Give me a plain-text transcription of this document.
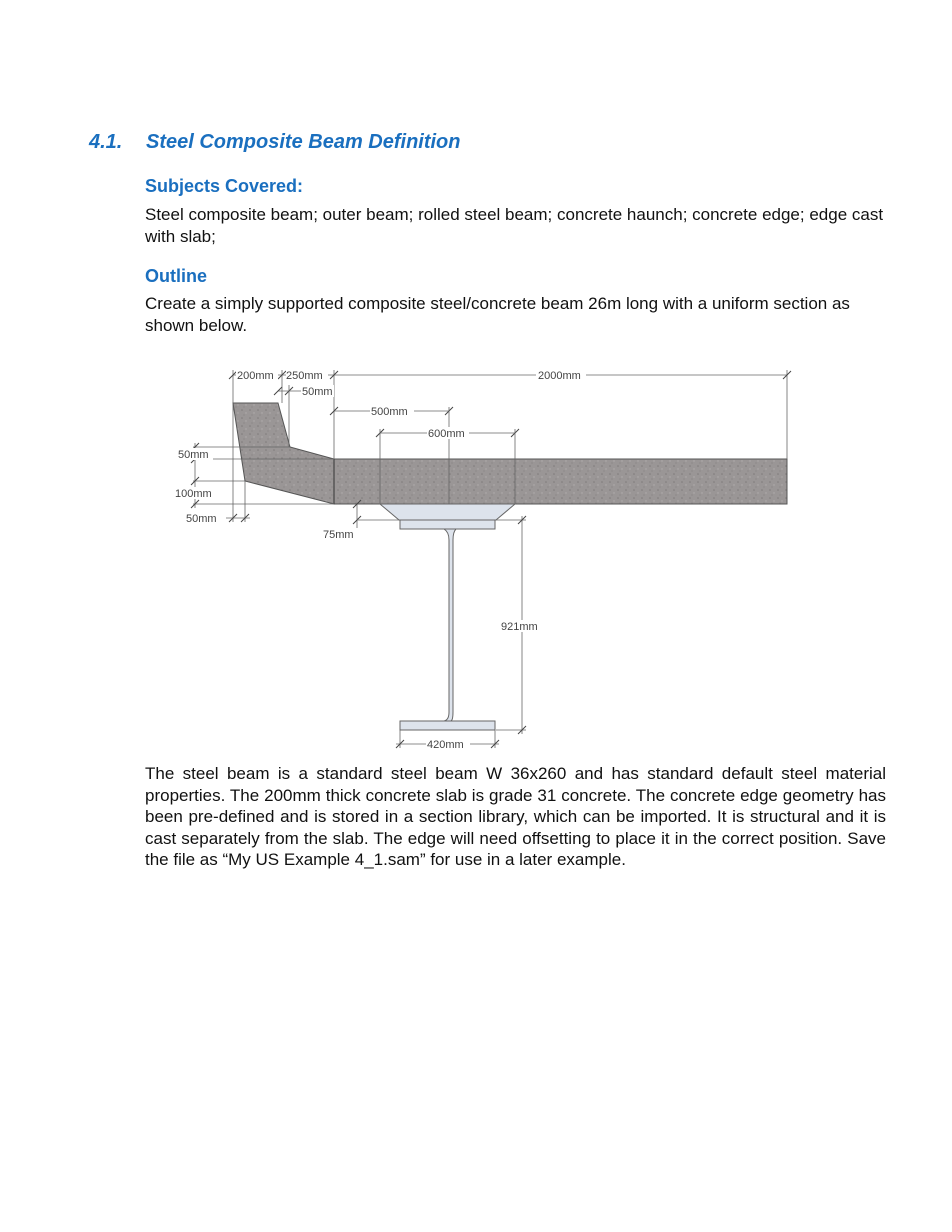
4.1. Steel Composite Beam Definition
Subjects Covered:
Steel composite beam; outer beam; rolled steel beam; concrete haunch; concrete edge; edge cast with slab;
Outline
Create a simply supported composite steel/concrete beam 26m long with a uniform section as shown below.
200mm 250mm
50mm
2000mm
500mm
600mm
50mm
100mm
50mm
75mm
921mm
420mm
The steel beam is a standard steel beam W 36x260 and has standard default steel material properties. The 200mm thick concrete slab is grade 31 concrete. The concrete edge geometry has been pre-defined and is stored in a section library, which can be imported. It is structural and it is cast separately from the slab. The edge will need offsetting to place it in the correct position. Save the file as “My US Example 4_1.sam” for use in a later example.
